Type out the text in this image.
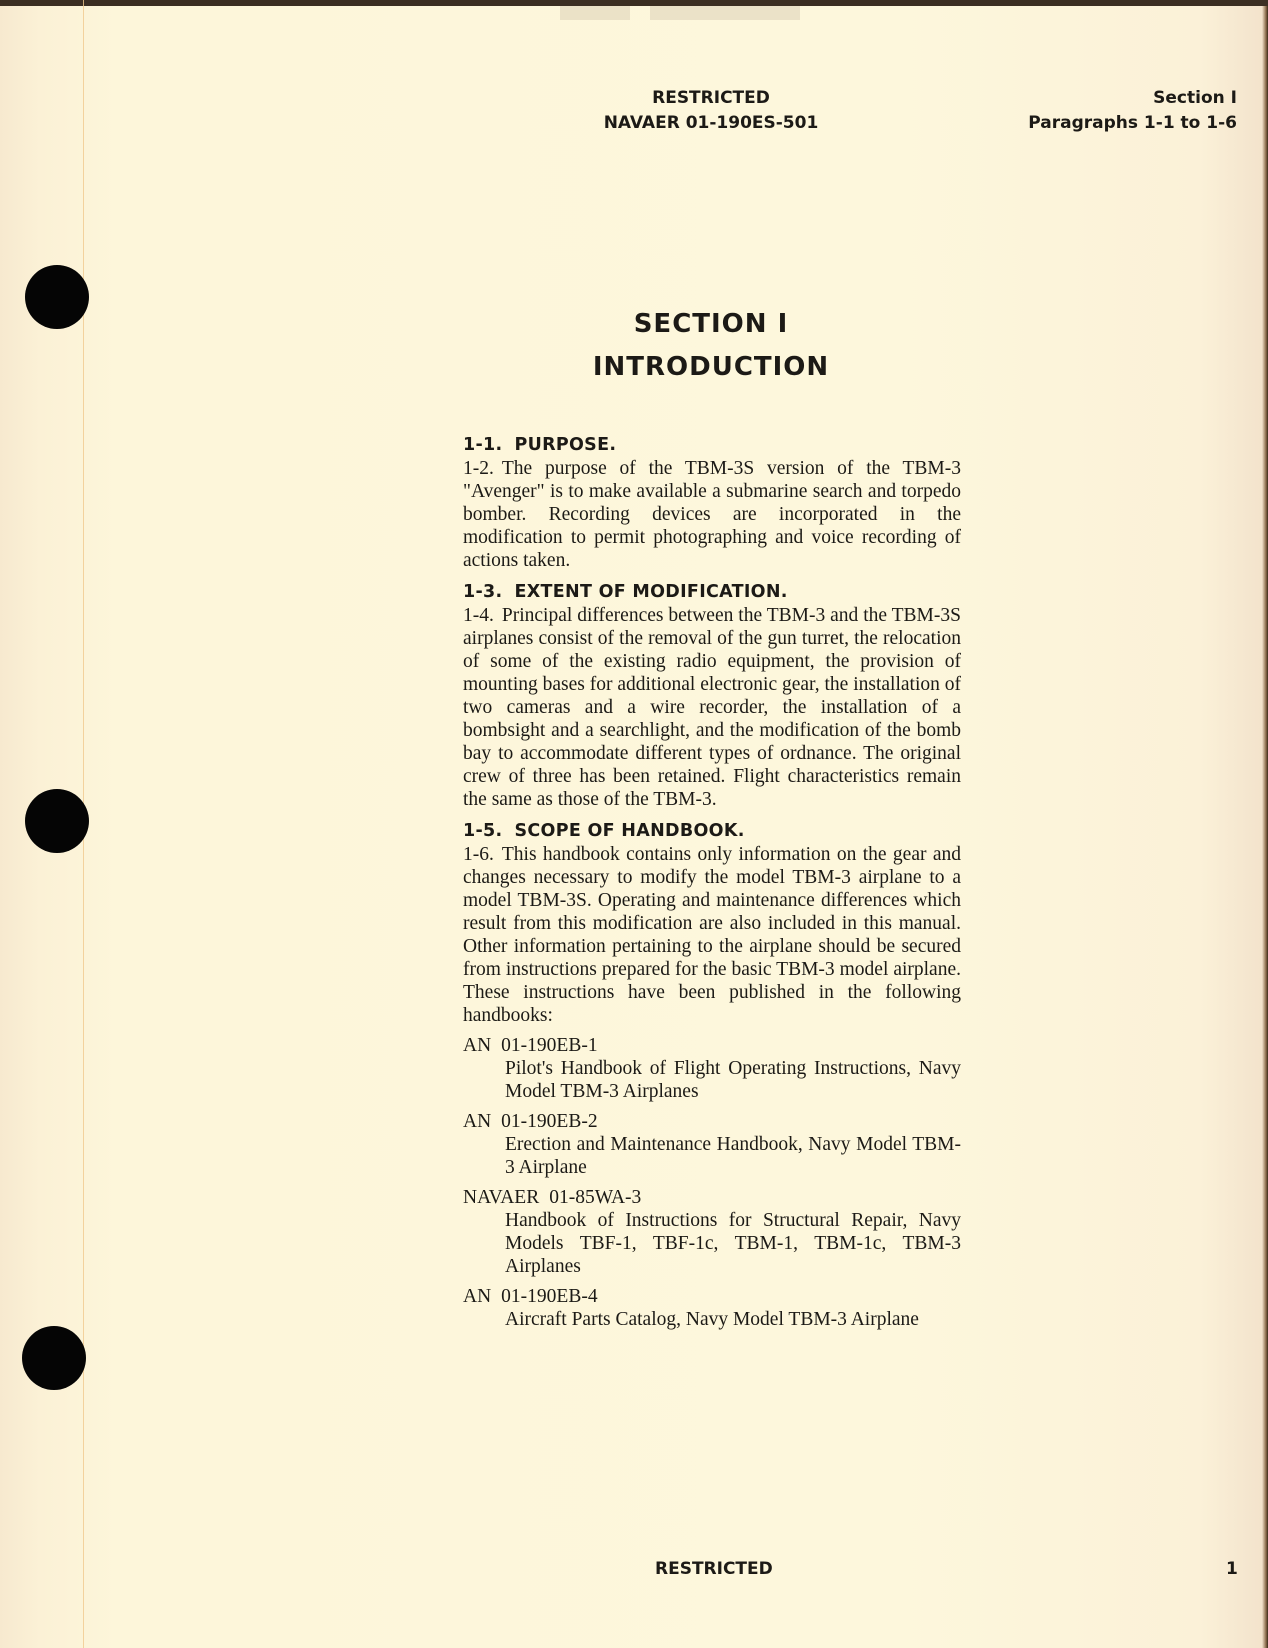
RESTRICTED
NAVAER 01-190ES-501
Section I
Paragraphs 1-1 to 1-6
SECTION I
INTRODUCTION
1-1. PURPOSE.
1-2. The purpose of the TBM-3S version of the TBM-3 "Avenger" is to make available a submarine search and torpedo bomber. Recording devices are incorporated in the modification to permit photographing and voice recording of actions taken.
1-3. EXTENT OF MODIFICATION.
1-4. Principal differences between the TBM-3 and the TBM-3S airplanes consist of the removal of the gun turret, the relocation of some of the existing radio equipment, the provision of mounting bases for additional electronic gear, the installation of two cameras and a wire recorder, the installation of a bombsight and a searchlight, and the modification of the bomb bay to accommodate different types of ordnance. The original crew of three has been retained. Flight characteristics remain the same as those of the TBM-3.
1-5. SCOPE OF HANDBOOK.
1-6. This handbook contains only information on the gear and changes necessary to modify the model TBM-3 airplane to a model TBM-3S. Operating and maintenance differences which result from this modification are also included in this manual. Other information pertaining to the airplane should be secured from instructions prepared for the basic TBM-3 model airplane. These instructions have been published in the following handbooks:
AN 01-190EB-1
Pilot's Handbook of Flight Operating Instructions, Navy Model TBM-3 Airplanes
AN 01-190EB-2
Erection and Maintenance Handbook, Navy Model TBM-3 Airplane
NAVAER 01-85WA-3
Handbook of Instructions for Structural Repair, Navy Models TBF-1, TBF-1c, TBM-1, TBM-1c, TBM-3 Airplanes
AN 01-190EB-4
Aircraft Parts Catalog, Navy Model TBM-3 Airplane
RESTRICTED	1
